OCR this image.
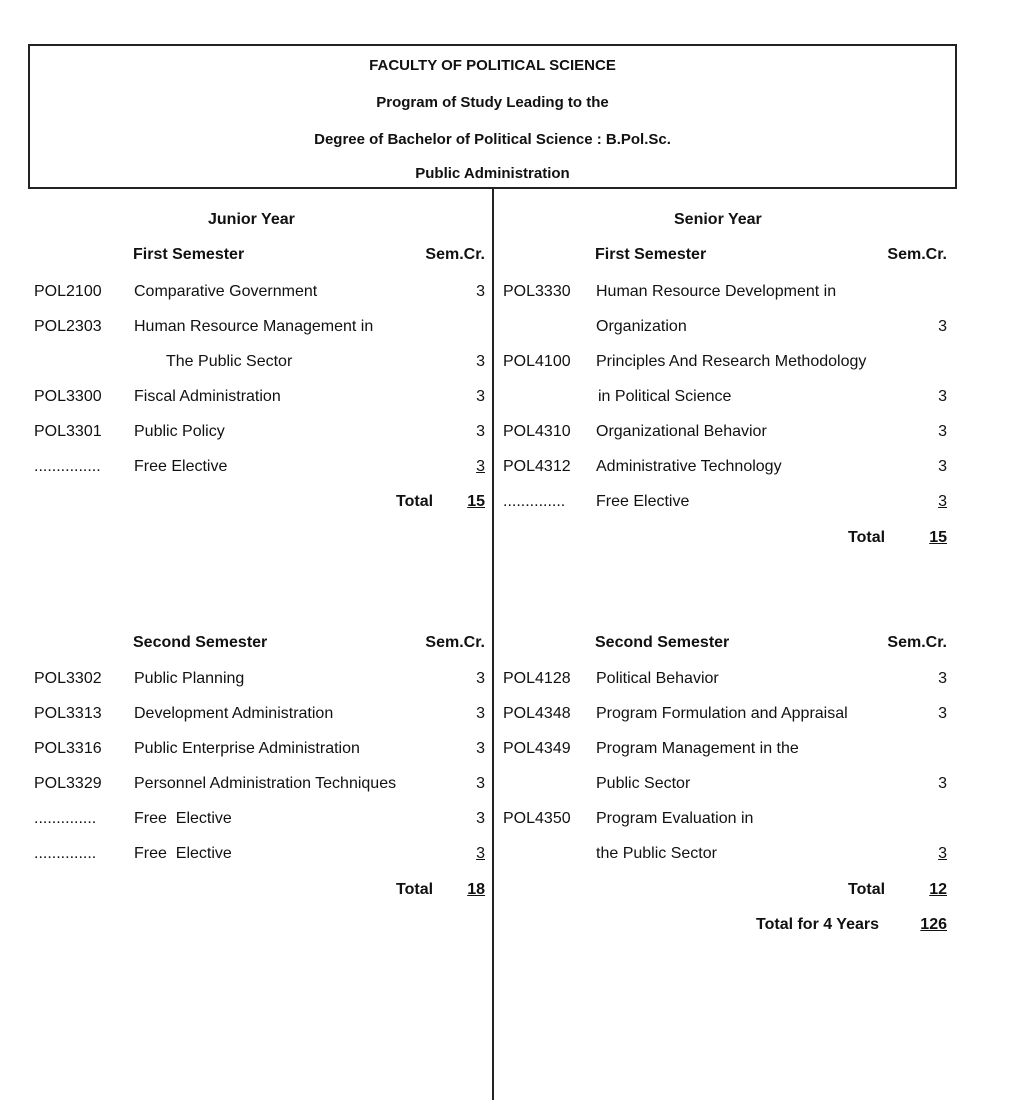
FACULTY OF POLITICAL SCIENCE
Program of Study Leading to the
Degree of Bachelor of Political Science : B.Pol.Sc.
Public Administration
Junior Year
First Semester	Sem.Cr.
POL2100 Comparative Government	3
POL2303 Human Resource Management in
The Public Sector	3
POL3300 Fiscal Administration	3
POL3301 Public Policy	3
............... Free Elective	3
Total	15
Second Semester	Sem.Cr.
POL3302 Public Planning	3
POL3313 Development Administration	3
POL3316 Public Enterprise Administration	3
POL3329 Personnel Administration Techniques	3
.............. Free  Elective	3
.............. Free  Elective	3
Total	18
Senior Year
First Semester	Sem.Cr.
POL3330 Human Resource Development in
Organization	3
POL4100 Principles And Research Methodology
in Political Science	3
POL4310 Organizational Behavior	3
POL4312 Administrative Technology	3
.............. Free Elective	3
Total	15
Second Semester	Sem.Cr.
POL4128 Political Behavior	3
POL4348 Program Formulation and Appraisal	3
POL4349 Program Management in the
Public Sector	3
POL4350 Program Evaluation in
the Public Sector	3
Total	12
Total for 4 Years	126
